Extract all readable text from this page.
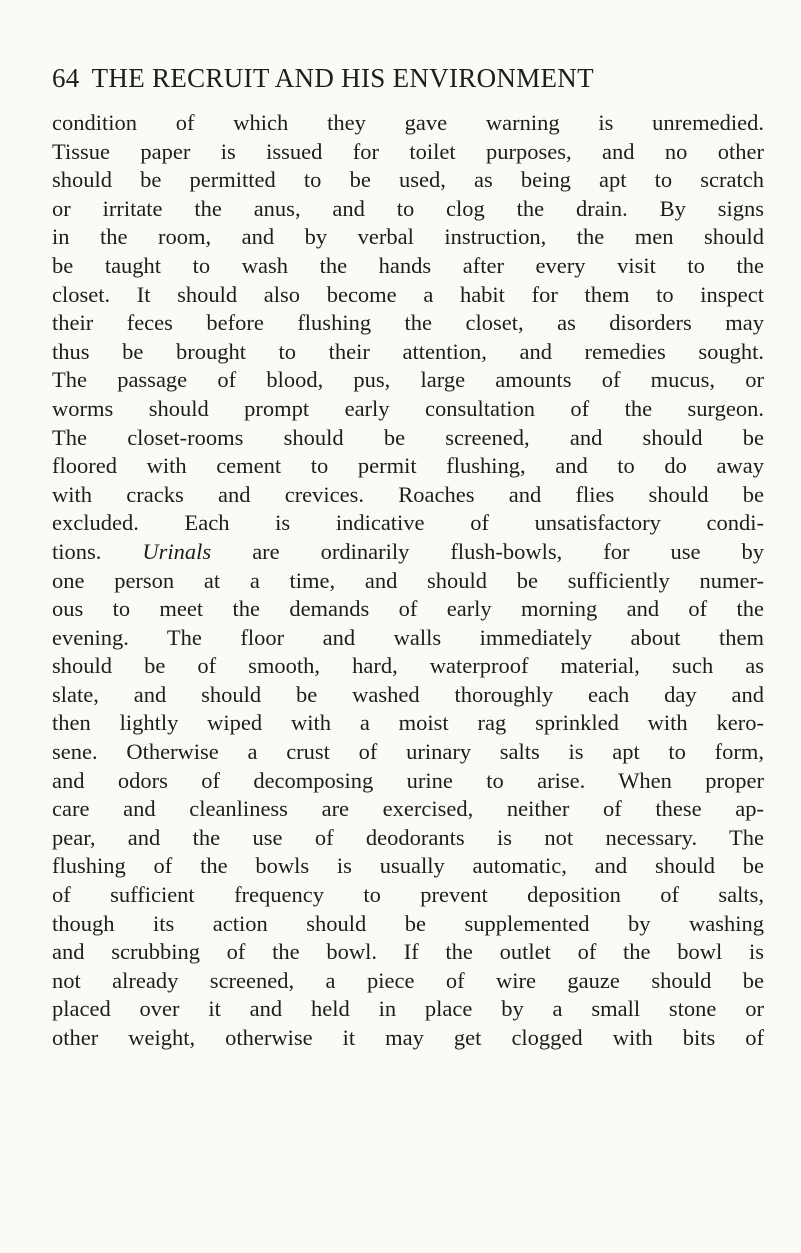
64 THE RECRUIT AND HIS ENVIRONMENT
condition of which they gave warning is unremedied.
Tissue paper is issued for toilet purposes, and no other
should be permitted to be used, as being apt to scratch
or irritate the anus, and to clog the drain. By signs
in the room, and by verbal instruction, the men should
be taught to wash the hands after every visit to the
closet. It should also become a habit for them to inspect
their feces before flushing the closet, as disorders may
thus be brought to their attention, and remedies sought.
The passage of blood, pus, large amounts of mucus, or
worms should prompt early consultation of the surgeon.
The closet-rooms should be screened, and should be
floored with cement to permit flushing, and to do away
with cracks and crevices. Roaches and flies should be
excluded. Each is indicative of unsatisfactory condi-
tions. Urinals are ordinarily flush-bowls, for use by
one person at a time, and should be sufficiently numer-
ous to meet the demands of early morning and of the
evening. The floor and walls immediately about them
should be of smooth, hard, waterproof material, such as
slate, and should be washed thoroughly each day and
then lightly wiped with a moist rag sprinkled with kero-
sene. Otherwise a crust of urinary salts is apt to form,
and odors of decomposing urine to arise. When proper
care and cleanliness are exercised, neither of these ap-
pear, and the use of deodorants is not necessary. The
flushing of the bowls is usually automatic, and should be
of sufficient frequency to prevent deposition of salts,
though its action should be supplemented by washing
and scrubbing of the bowl. If the outlet of the bowl is
not already screened, a piece of wire gauze should be
placed over it and held in place by a small stone or
other weight, otherwise it may get clogged with bits of
